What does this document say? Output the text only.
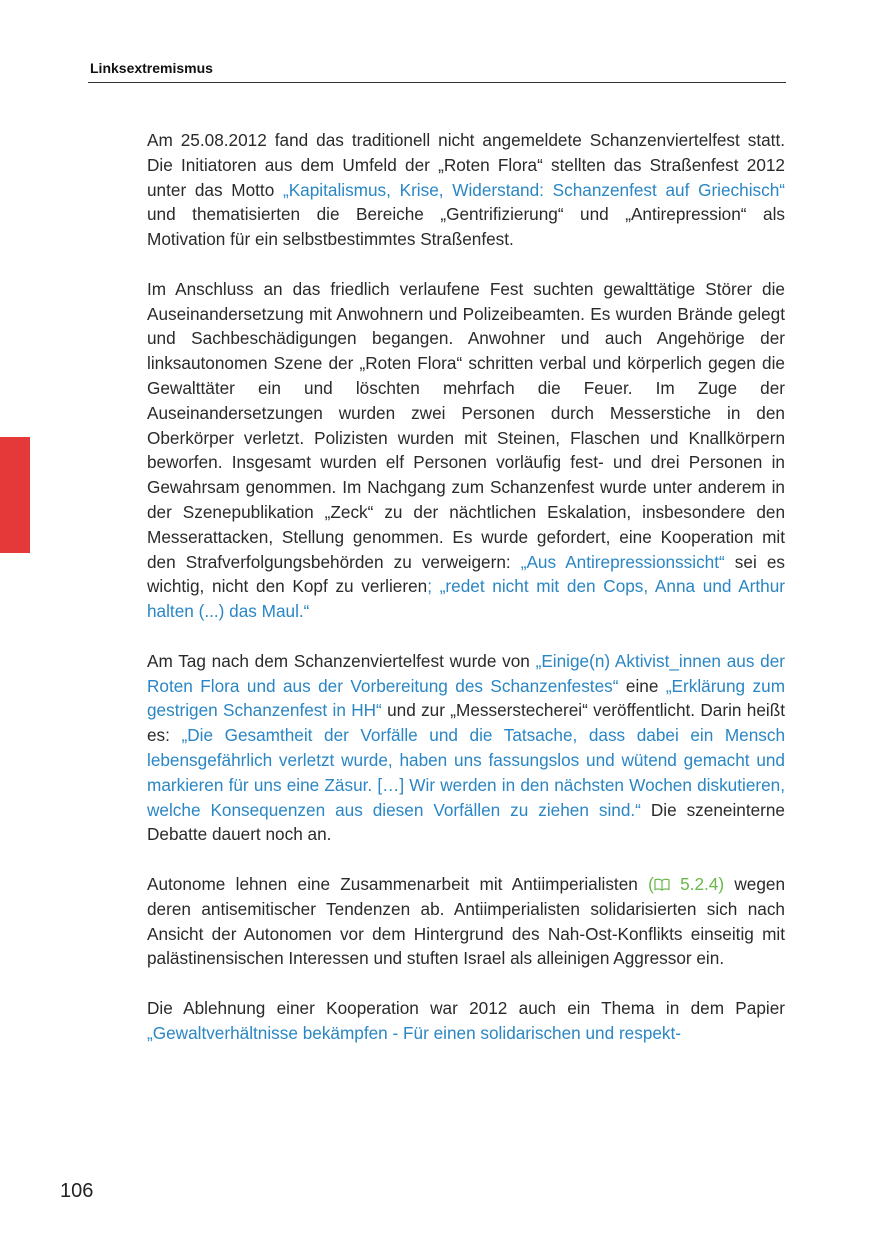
Linksextremismus

Am 25.08.2012 fand das traditionell nicht angemeldete Schanzenviertelfest statt. Die Initiatoren aus dem Umfeld der „Roten Flora“ stellten das Straßenfest 2012 unter das Motto „Kapitalismus, Krise, Widerstand: Schanzenfest auf Griechisch“ und thematisierten die Bereiche „Gentrifizierung“ und „Antirepression“ als Motivation für ein selbstbestimmtes Straßenfest.

Im Anschluss an das friedlich verlaufene Fest suchten gewalttätige Störer die Auseinandersetzung mit Anwohnern und Polizeibeamten. Es wurden Brände gelegt und Sachbeschädigungen begangen. Anwohner und auch Angehörige der linksautonomen Szene der „Roten Flora“ schritten verbal und körperlich gegen die Gewalttäter ein und löschten mehrfach die Feuer. Im Zuge der Auseinandersetzungen wurden zwei Personen durch Messerstiche in den Oberkörper verletzt. Polizisten wurden mit Steinen, Flaschen und Knallkörpern beworfen. Insgesamt wurden elf Personen vorläufig fest- und drei Personen in Gewahrsam genommen. Im Nachgang zum Schanzenfest wurde unter anderem in der Szenepublikation „Zeck“ zu der nächtlichen Eskalation, insbesondere den Messerattacken, Stellung genommen. Es wurde gefordert, eine Kooperation mit den Strafverfolgungsbehörden zu verweigern: „Aus Antirepressionssicht“ sei es wichtig, nicht den Kopf zu verlieren; „redet nicht mit den Cops, Anna und Arthur halten (...) das Maul.“

Am Tag nach dem Schanzenviertelfest wurde von „Einige(n) Aktivist_innen aus der Roten Flora und aus der Vorbereitung des Schanzenfestes“ eine „Erklärung zum gestrigen Schanzenfest in HH“ und zur „Messerstecherei“ veröffentlicht. Darin heißt es: „Die Gesamtheit der Vorfälle und die Tatsache, dass dabei ein Mensch lebensgefährlich verletzt wurde, haben uns fassungslos und wütend gemacht und markieren für uns eine Zäsur. […] Wir werden in den nächsten Wochen diskutieren, welche Konsequenzen aus diesen Vorfällen zu ziehen sind.“ Die szeneinterne Debatte dauert noch an.

Autonome lehnen eine Zusammenarbeit mit Antiimperialisten ( 5.2.4) wegen deren antisemitischer Tendenzen ab. Antiimperialisten solidarisierten sich nach Ansicht der Autonomen vor dem Hintergrund des Nah-Ost-Konflikts einseitig mit palästinensischen Interessen und stuften Israel als alleinigen Aggressor ein.

Die Ablehnung einer Kooperation war 2012 auch ein Thema in dem Papier „Gewaltverhältnisse bekämpfen - Für einen solidarischen und respekt-

106
